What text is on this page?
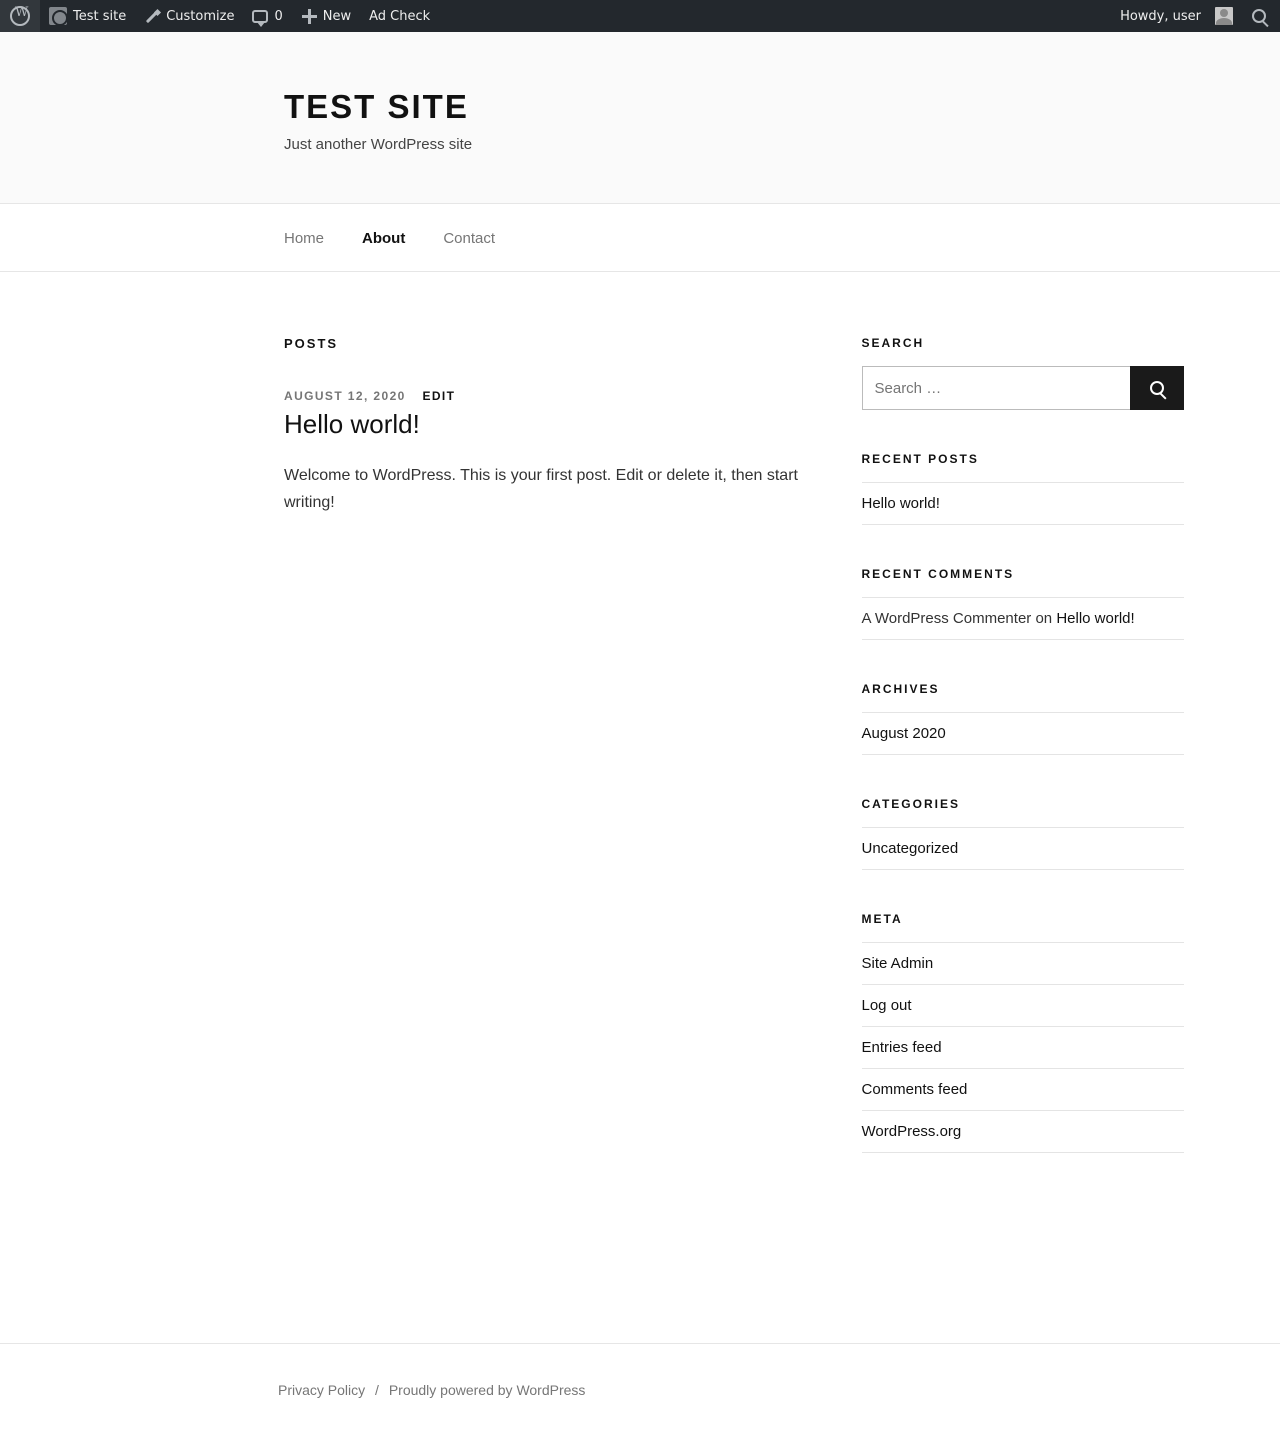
W
Test site	Customize	0	New Ad Check	Howdy, user
TEST SITE

Just another WordPress site

Home	About	Contact
POSTS
AUGUST 12, 2020 EDIT
Hello world!

Welcome to WordPress. This is your first post. Edit or delete it, then start writing!

SEARCH
Search …
RECENT POSTS
Hello world!
RECENT COMMENTS
A WordPress Commenter on Hello world!
ARCHIVES
August 2020
CATEGORIES
Uncategorized
META
Site Admin
Log out
Entries feed
Comments feed
WordPress.org
Privacy Policy / Proudly powered by WordPress
